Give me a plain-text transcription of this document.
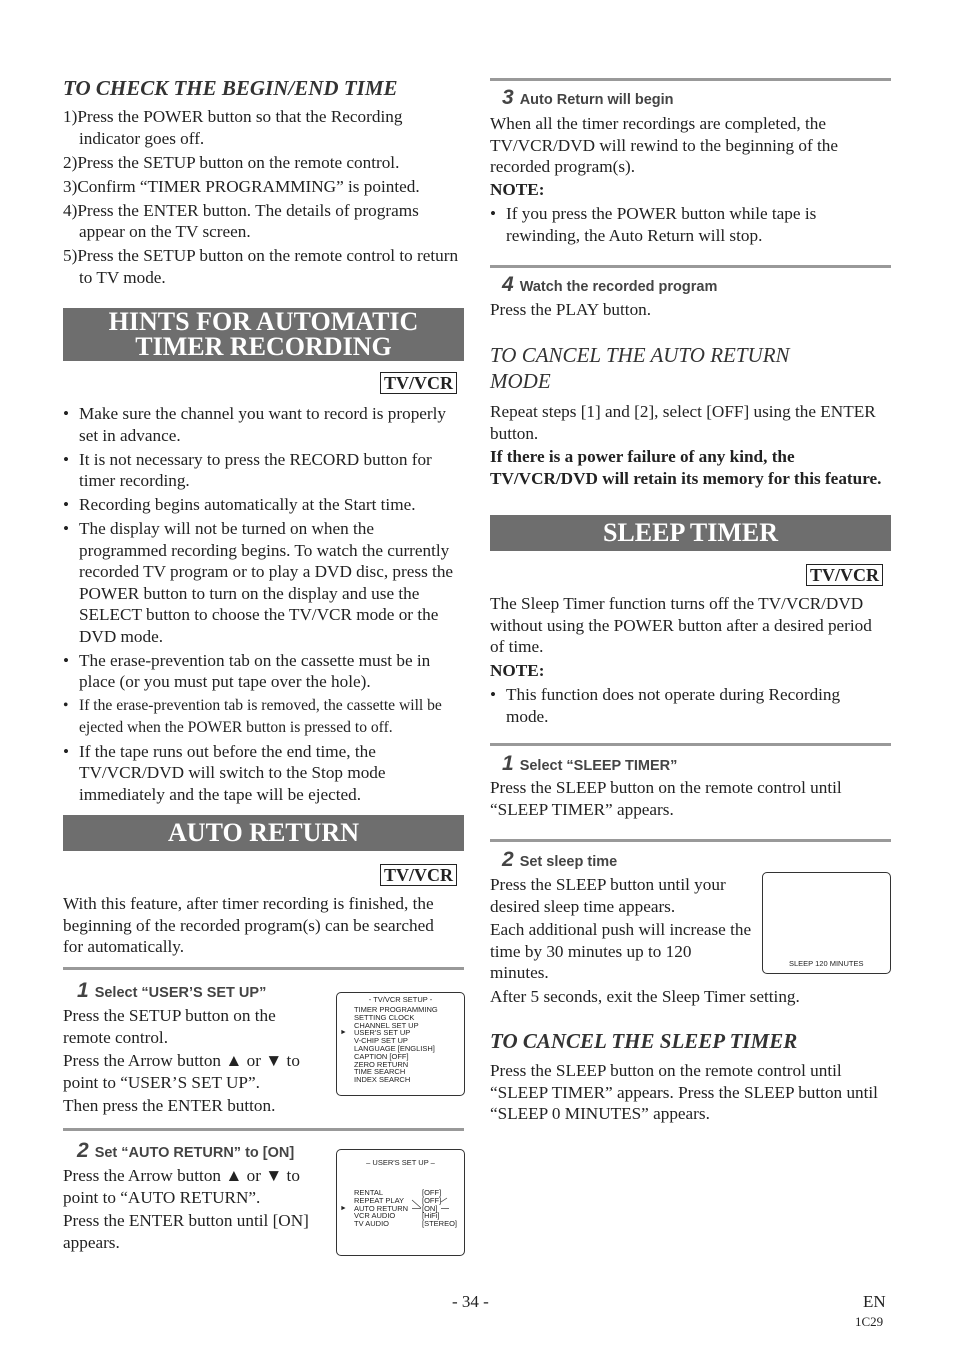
TO CHECK THE BEGIN/END TIME
1)Press the POWER button so that the Recording indicator goes off.
2)Press the SETUP button on the remote control.
3)Confirm “TIMER PROGRAMMING” is pointed.
4)Press the ENTER button. The details of programs appear on the TV screen.
5)Press the SETUP button on the remote control to return to TV mode.
HINTS FOR AUTOMATIC
TIMER RECORDING
TV/VCR
• Make sure the channel you want to record is properly set in advance.
• It is not necessary to press the RECORD button for timer recording.
• Recording begins automatically at the Start time.
• The display will not be turned on when the programmed recording begins. To watch the currently recorded TV program or to play a DVD disc, press the POWER button to turn on the display and use the SELECT button to choose the TV/VCR mode or the DVD mode.
• The erase-prevention tab on the cassette must be in place (or you must put tape over the hole).
• If the erase-prevention tab is removed, the cassette will be ejected when the POWER button is pressed to off.
• If the tape runs out before the end time, the TV/VCR/DVD will switch to the Stop mode immediately and the tape will be ejected.
AUTO RETURN
TV/VCR

With this feature, after timer recording is finished, the beginning of the recorded program(s) can be searched for automatically.

1 Select “USER’S SET UP”

Press the SETUP button on the remote control.

Press the Arrow button ▲ or ▼ to point to “USER’S SET UP”.

Then press the ENTER button.

- TV/VCR SETUP -
TIMER PROGRAMMING
SETTING CLOCK
CHANNEL SET UP
USER'S SET UP
V-CHIP SET UP
LANGUAGE [ENGLISH]
CAPTION [OFF]
ZERO RETURN
TIME SEARCH
INDEX SEARCH
►
2 Set “AUTO RETURN” to [ON]

Press the Arrow button ▲ or ▼ to point to “AUTO RETURN”.

Press the ENTER button until [ON] appears.

– USER'S SET UP –
RENTAL
REPEAT PLAY
AUTO RETURN
VCR AUDIO
TV AUDIO
[OFF]
[OFF]
[ON]
[HiFi]
[STEREO]
►
3 Auto Return will begin

When all the timer recordings are completed, the TV/VCR/DVD will rewind to the beginning of the recorded program(s).

NOTE:

• If you press the POWER button while tape is rewinding, the Auto Return will stop.
4 Watch the recorded program

Press the PLAY button.

TO CANCEL THE AUTO RETURN
MODE

Repeat steps [1] and [2], select [OFF] using the ENTER button.

If there is a power failure of any kind, the TV/VCR/DVD will retain its memory for this feature.

SLEEP TIMER
TV/VCR

The Sleep Timer function turns off the TV/VCR/DVD without using the POWER button after a desired period of time.

NOTE:

• This function does not operate during Recording mode.
1 Select “SLEEP TIMER”

Press the SLEEP button on the remote control until “SLEEP TIMER” appears.

2 Set sleep time

Press the SLEEP button until your desired sleep time appears.

Each additional push will increase the time by 30 minutes up to 120 minutes.

After 5 seconds, exit the Sleep Timer setting.

SLEEP 120 MINUTES
TO CANCEL THE SLEEP TIMER

Press the SLEEP button on the remote control until “SLEEP TIMER” appears. Press the SLEEP button until “SLEEP 0 MINUTES” appears.

- 34 -	EN
1C29
